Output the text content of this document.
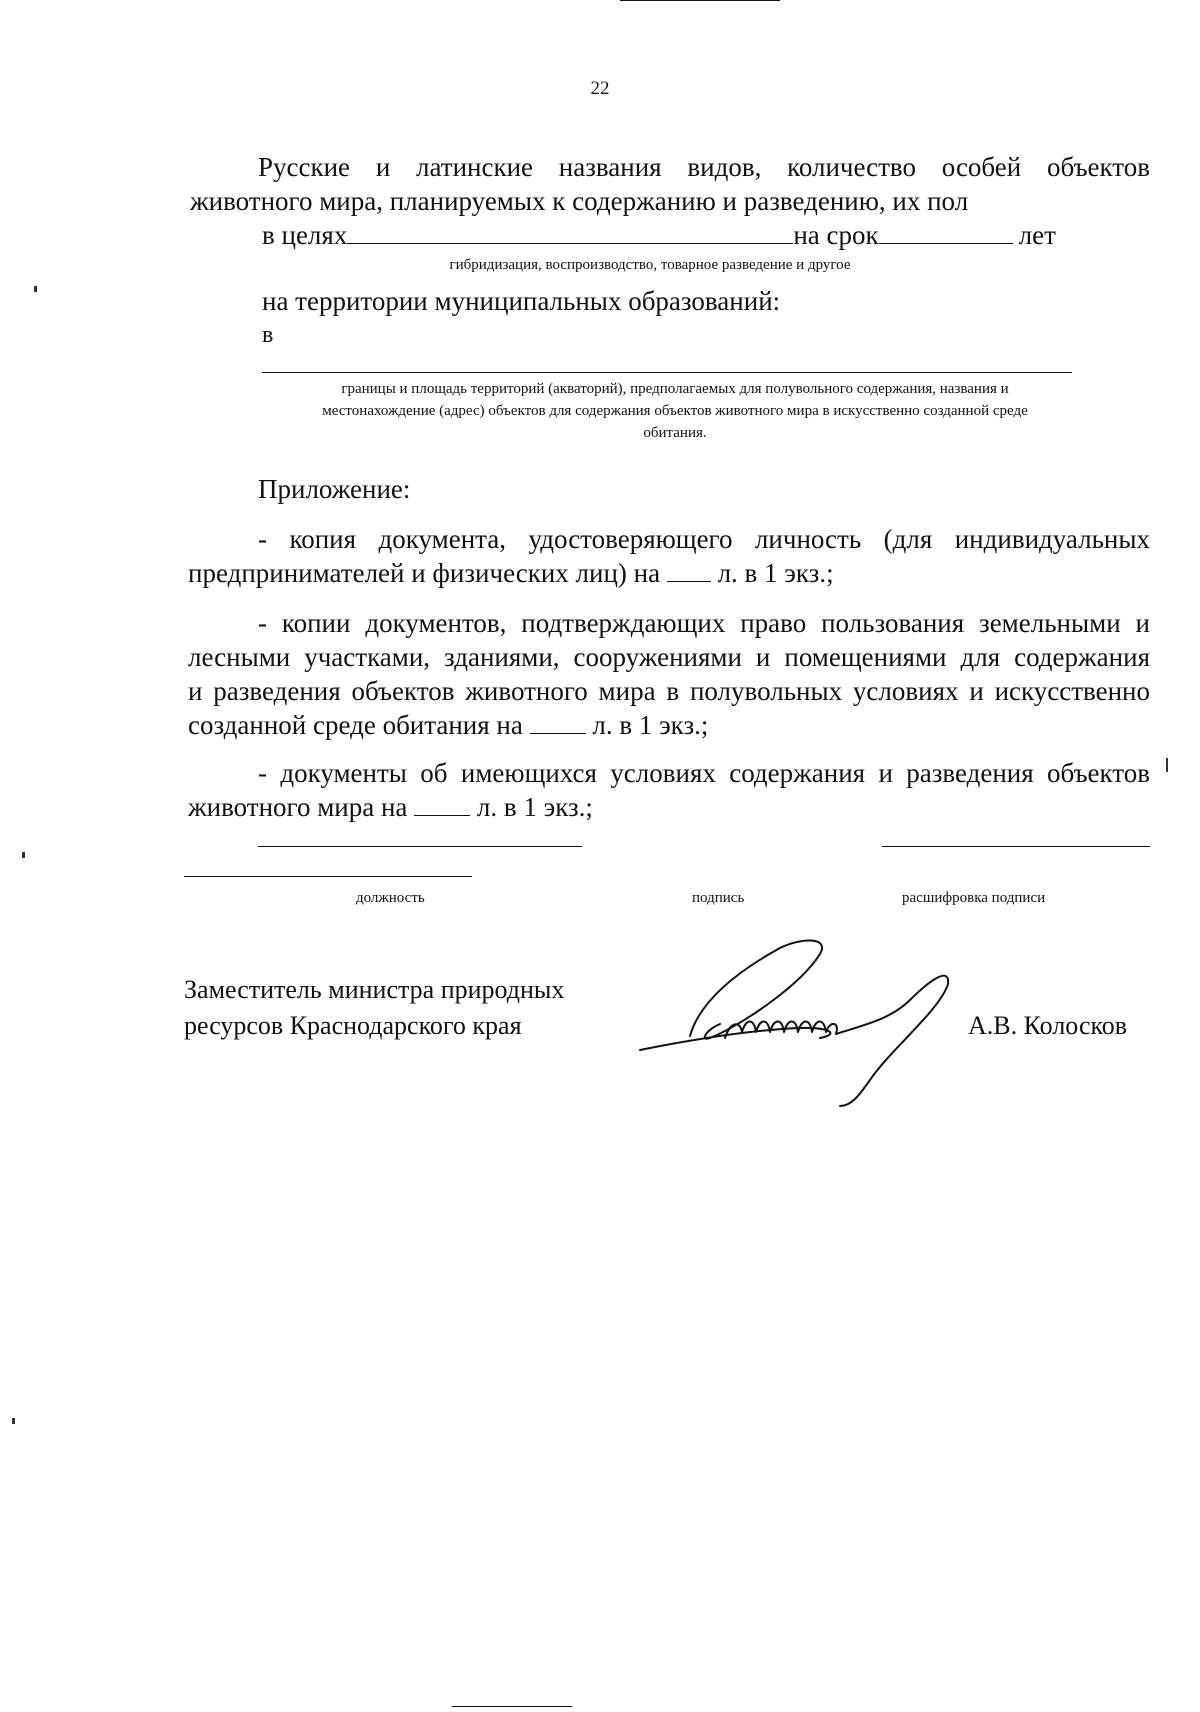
22
Русские и латинские названия видов, количество особей объектов
животного мира, планируемых к содержанию и разведению, их пол
в целях	на срок	лет
гибридизация, воспроизводство, товарное разведение и другое
на территории муниципальных образований:
в
границы и площадь территорий (акваторий), предполагаемых для полувольного содержания, названия и
местонахождение (адрес) объектов для содержания объектов животного мира в искусственно созданной среде
обитания.
Приложение:
- копия документа, удостоверяющего личность (для индивидуальных
предпринимателей и физических лиц) на л. в 1 экз.;
- копии документов, подтверждающих право пользования земельными и
лесными участками, зданиями, сооружениями и помещениями для содержания
и разведения объектов животного мира в полувольных условиях и искусственно
созданной среде обитания на	л. в 1 экз.;
- документы об имеющихся условиях содержания и разведения объектов
животного мира на	л. в 1 экз.;
должность	подпись	расшифровка подписи
Заместитель министра природных
ресурсов Краснодарского края	А.В. Колосков
